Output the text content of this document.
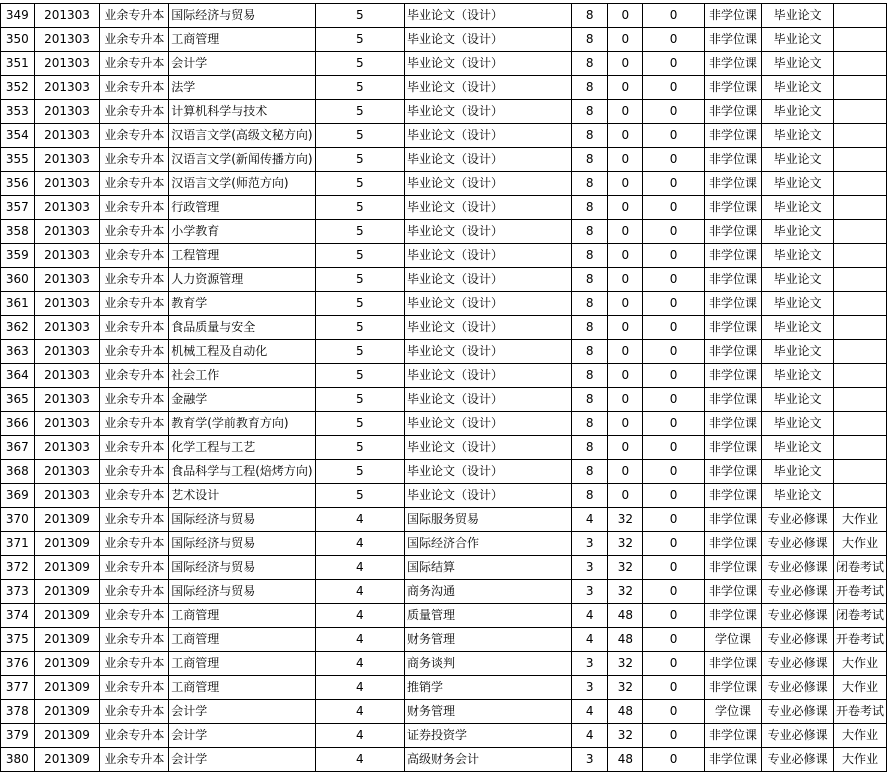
349	201303	业余专升本	国际经济与贸易	5	毕业论文（设计）	8	0	0	非学位课	毕业论文	
350	201303	业余专升本	工商管理	5	毕业论文（设计）	8	0	0	非学位课	毕业论文	
351	201303	业余专升本	会计学	5	毕业论文（设计）	8	0	0	非学位课	毕业论文	
352	201303	业余专升本	法学	5	毕业论文（设计）	8	0	0	非学位课	毕业论文	
353	201303	业余专升本	计算机科学与技术	5	毕业论文（设计）	8	0	0	非学位课	毕业论文	
354	201303	业余专升本	汉语言文学(高级文秘方向)	5	毕业论文（设计）	8	0	0	非学位课	毕业论文	
355	201303	业余专升本	汉语言文学(新闻传播方向)	5	毕业论文（设计）	8	0	0	非学位课	毕业论文	
356	201303	业余专升本	汉语言文学(师范方向)	5	毕业论文（设计）	8	0	0	非学位课	毕业论文	
357	201303	业余专升本	行政管理	5	毕业论文（设计）	8	0	0	非学位课	毕业论文	
358	201303	业余专升本	小学教育	5	毕业论文（设计）	8	0	0	非学位课	毕业论文	
359	201303	业余专升本	工程管理	5	毕业论文（设计）	8	0	0	非学位课	毕业论文	
360	201303	业余专升本	人力资源管理	5	毕业论文（设计）	8	0	0	非学位课	毕业论文	
361	201303	业余专升本	教育学	5	毕业论文（设计）	8	0	0	非学位课	毕业论文	
362	201303	业余专升本	食品质量与安全	5	毕业论文（设计）	8	0	0	非学位课	毕业论文	
363	201303	业余专升本	机械工程及自动化	5	毕业论文（设计）	8	0	0	非学位课	毕业论文	
364	201303	业余专升本	社会工作	5	毕业论文（设计）	8	0	0	非学位课	毕业论文	
365	201303	业余专升本	金融学	5	毕业论文（设计）	8	0	0	非学位课	毕业论文	
366	201303	业余专升本	教育学(学前教育方向)	5	毕业论文（设计）	8	0	0	非学位课	毕业论文	
367	201303	业余专升本	化学工程与工艺	5	毕业论文（设计）	8	0	0	非学位课	毕业论文	
368	201303	业余专升本	食品科学与工程(焙烤方向)	5	毕业论文（设计）	8	0	0	非学位课	毕业论文	
369	201303	业余专升本	艺术设计	5	毕业论文（设计）	8	0	0	非学位课	毕业论文	
370	201309	业余专升本	国际经济与贸易	4	国际服务贸易	4	32	0	非学位课	专业必修课	大作业
371	201309	业余专升本	国际经济与贸易	4	国际经济合作	3	32	0	非学位课	专业必修课	大作业
372	201309	业余专升本	国际经济与贸易	4	国际结算	3	32	0	非学位课	专业必修课	闭卷考试
373	201309	业余专升本	国际经济与贸易	4	商务沟通	3	32	0	非学位课	专业必修课	开卷考试
374	201309	业余专升本	工商管理	4	质量管理	4	48	0	非学位课	专业必修课	闭卷考试
375	201309	业余专升本	工商管理	4	财务管理	4	48	0	学位课	专业必修课	开卷考试
376	201309	业余专升本	工商管理	4	商务谈判	3	32	0	非学位课	专业必修课	大作业
377	201309	业余专升本	工商管理	4	推销学	3	32	0	非学位课	专业必修课	大作业
378	201309	业余专升本	会计学	4	财务管理	4	48	0	学位课	专业必修课	开卷考试
379	201309	业余专升本	会计学	4	证券投资学	4	32	0	非学位课	专业必修课	大作业
380	201309	业余专升本	会计学	4	高级财务会计	3	48	0	非学位课	专业必修课	大作业
